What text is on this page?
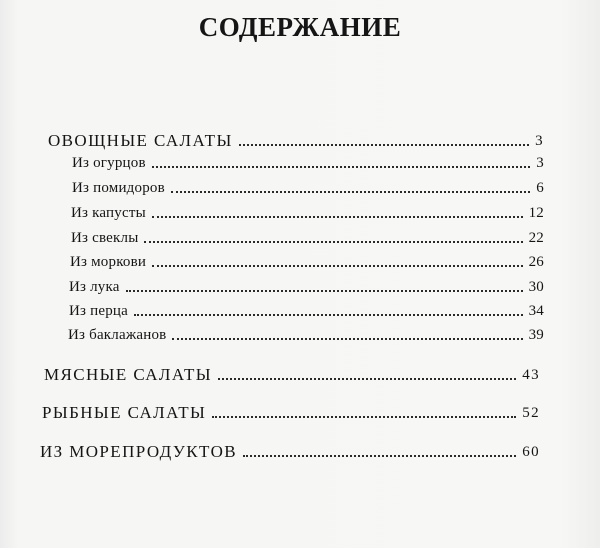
СОДЕРЖАНИЕ
ОВОЩНЫЕ САЛАТЫ	3
Из огурцов	3
Из помидоров	6
Из капусты	12
Из свеклы	22
Из моркови	26
Из лука	30
Из перца	34
Из баклажанов	39
МЯСНЫЕ САЛАТЫ	43
РЫБНЫЕ САЛАТЫ	52
ИЗ МОРЕПРОДУКТОВ	60
